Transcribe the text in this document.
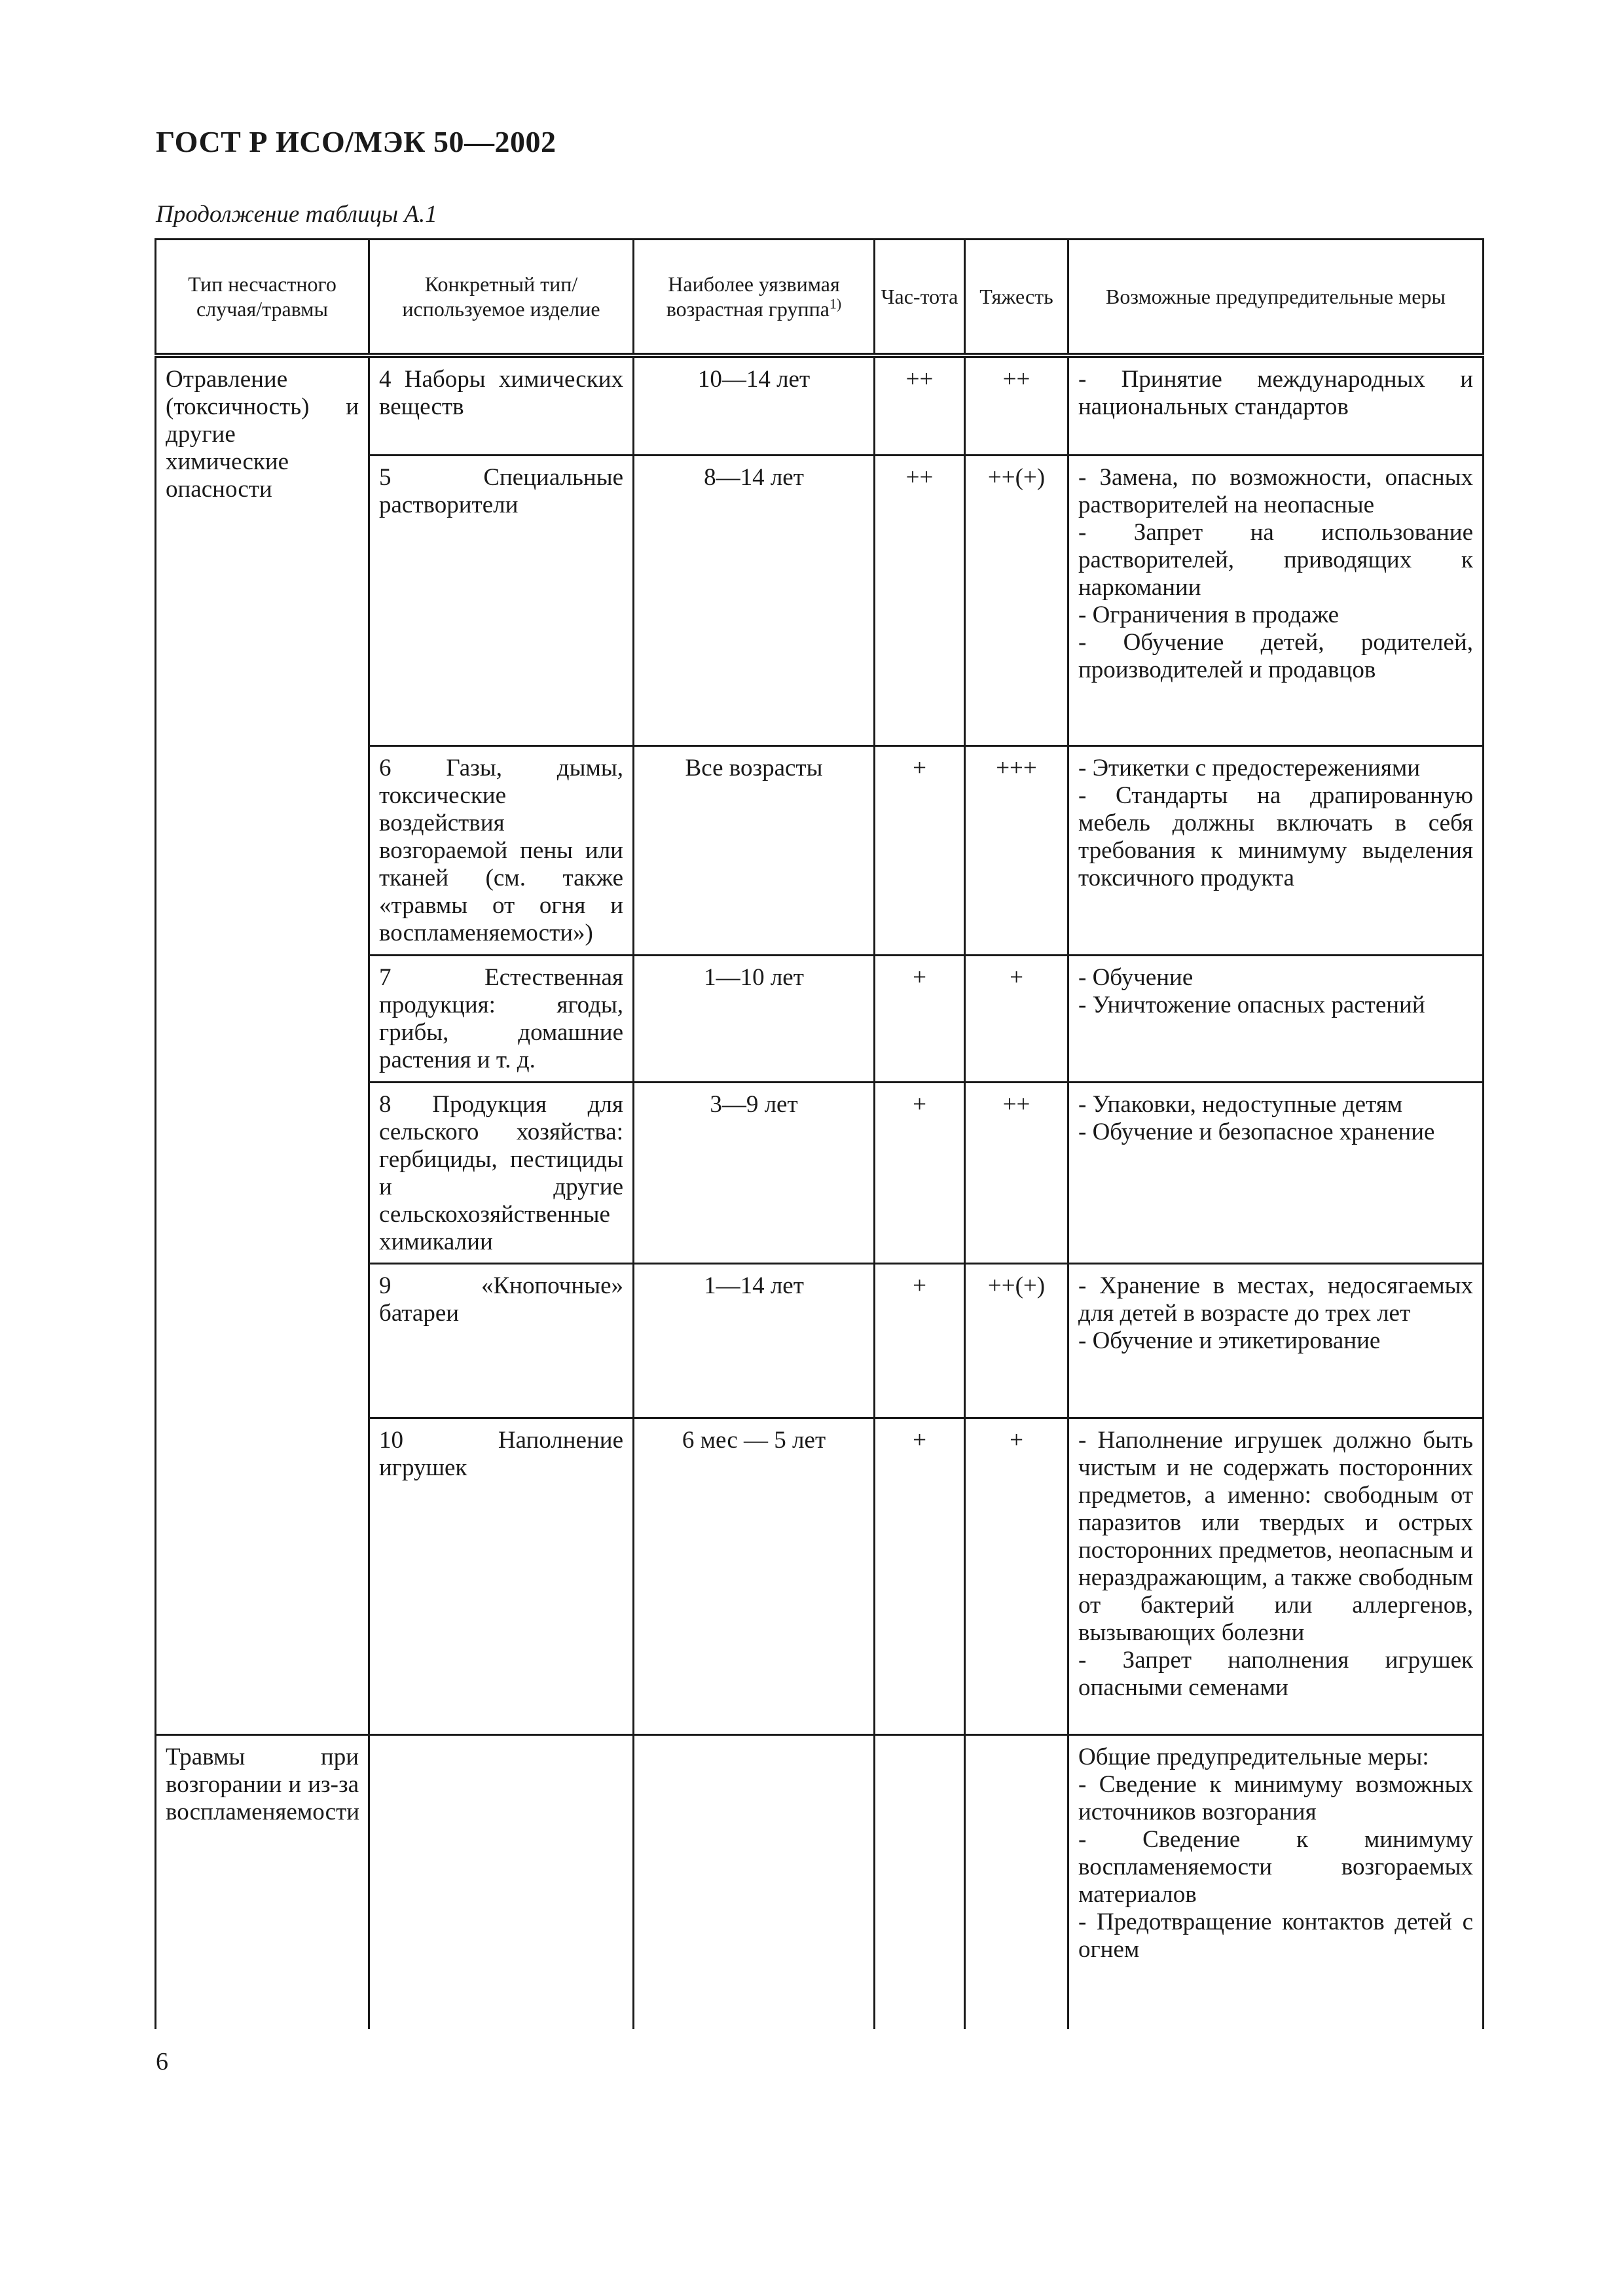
ГОСТ Р ИСО/МЭК 50—2002
Продолжение таблицы А.1
Тип несчастного случая/травмы	Конкретный тип/используемое изделие	Наиболее уязвимая возрастная группа$^{1)}$	Час-тота	Тяжесть	Возможные предупредительные меры
Отравление (токсичность) и другие химические опасности	4 Наборы химических веществ	10—14 лет	++	++	- Принятие международных и национальных стандартов

	5 Специальные растворители	8—14 лет	++	++(+)	- Замена, по возможности, опасных растворителей на неопасные
- Запрет на использование растворителей, приводящих к наркомании
- Ограничения в продаже
- Обучение детей, родителей, производителей и продавцов

	6 Газы, дымы, токсические воздействия возгораемой пены или тканей (см. также «травмы от огня и воспламеняемости»)	Все возрасты	+	+++	- Этикетки с предостережениями
- Стандарты на драпированную мебель должны включать в себя требования к минимуму выделения токсичного продукта

	7 Естественная продукция: ягоды, грибы, домашние растения и т. д.	1—10 лет	+	+	- Обучение
- Уничтожение опасных растений

	8 Продукция для сельского хозяйства: гербициды, пестициды и другие сельскохозяйственные химикалии	3—9 лет	+	++	- Упаковки, недоступные детям
- Обучение и безопасное хранение

	9 «Кнопочные» батареи	1—14 лет	+	++(+)	- Хранение в местах, недосягаемых для детей в возрасте до трех лет
- Обучение и этикетирование

	10 Наполнение игрушек	6 мес — 5 лет	+	+	- Наполнение игрушек должно быть чистым и не содержать посторонних предметов, а именно: свободным от паразитов или твердых и острых посторонних предметов, неопасным и нераздражающим, а также свободным от бактерий или аллергенов, вызывающих болезни
- Запрет наполнения игрушек опасными семенами

Травмы при возгорании и из-за воспламеняемости					Общие предупредительные меры:
- Сведение к минимуму возможных источников возгорания
- Сведение к минимуму воспламеняемости возгораемых материалов
- Предотвращение контактов детей с огнем
6
